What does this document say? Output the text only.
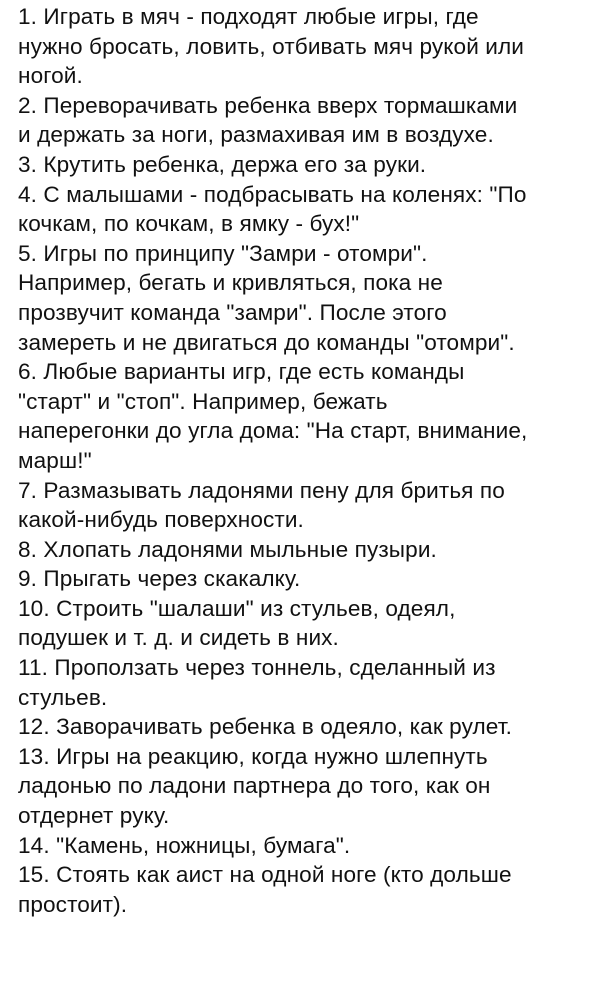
1. Играть в мяч - подходят любые игры, где
нужно бросать, ловить, отбивать мяч рукой или
ногой.
2. Переворачивать ребенка вверх тормашками
и держать за ноги, размахивая им в воздухе.
3. Крутить ребенка, держа его за руки.
4. С малышами - подбрасывать на коленях: "По
кочкам, по кочкам, в ямку - бух!"
5. Игры по принципу "Замри - отомри".
Например, бегать и кривляться, пока не
прозвучит команда "замри". После этого
замереть и не двигаться до команды "отомри".
6. Любые варианты игр, где есть команды
"старт" и "стоп". Например, бежать
наперегонки до угла дома: "На старт, внимание,
марш!"
7. Размазывать ладонями пену для бритья по
какой-нибудь поверхности.
8. Хлопать ладонями мыльные пузыри.
9. Прыгать через скакалку.
10. Строить "шалаши" из стульев, одеял,
подушек и т. д. и сидеть в них.
11. Проползать через тоннель, сделанный из
стульев.
12. Заворачивать ребенка в одеяло, как рулет.
13. Игры на реакцию, когда нужно шлепнуть
ладонью по ладони партнера до того, как он
отдернет руку.
14. "Камень, ножницы, бумага".
15. Стоять как аист на одной ноге (кто дольше
простоит).
